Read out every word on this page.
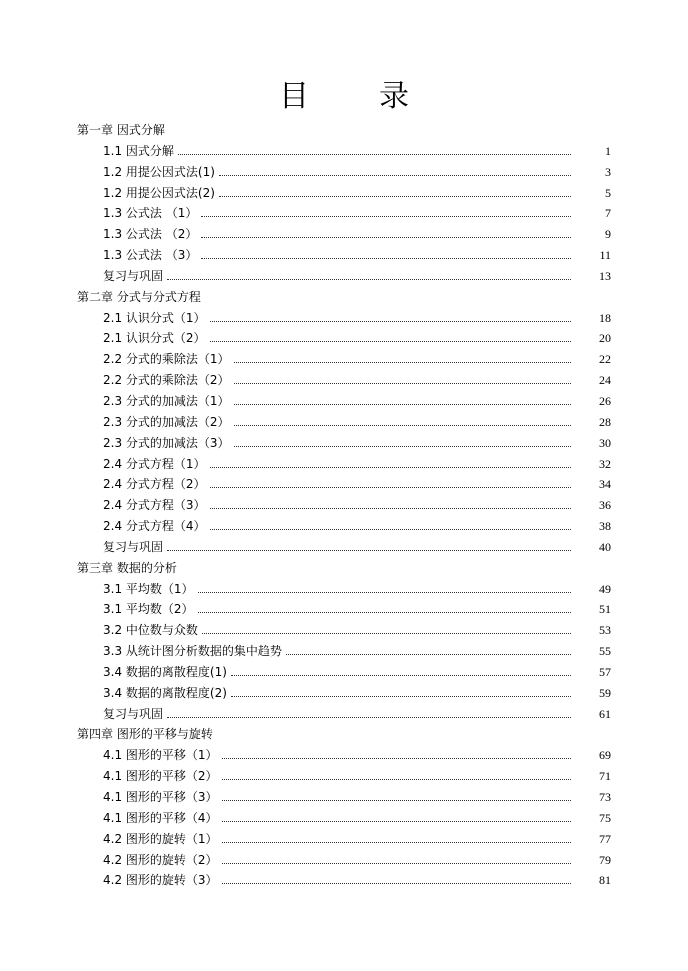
目 录
第一章 因式分解
1.1 因式分解	1
1.2 用提公因式法(1)	3
1.2 用提公因式法(2)	5
1.3 公式法 （1）	7
1.3 公式法 （2）	9
1.3 公式法 （3）	11
复习与巩固	13
第二章 分式与分式方程
2.1 认识分式（1）	18
2.1 认识分式（2）	20
2.2 分式的乘除法（1）	22
2.2 分式的乘除法（2）	24
2.3 分式的加减法（1）	26
2.3 分式的加减法（2）	28
2.3 分式的加减法（3）	30
2.4 分式方程（1）	32
2.4 分式方程（2）	34
2.4 分式方程（3）	36
2.4 分式方程（4）	38
复习与巩固	40
第三章 数据的分析
3.1 平均数（1）	49
3.1 平均数（2）	51
3.2 中位数与众数	53
3.3 从统计图分析数据的集中趋势	55
3.4 数据的离散程度(1)	57
3.4 数据的离散程度(2)	59
复习与巩固	61
第四章 图形的平移与旋转
4.1 图形的平移（1）	69
4.1 图形的平移（2）	71
4.1 图形的平移（3）	73
4.1 图形的平移（4）	75
4.2 图形的旋转（1）	77
4.2 图形的旋转（2）	79
4.2 图形的旋转（3）	81
